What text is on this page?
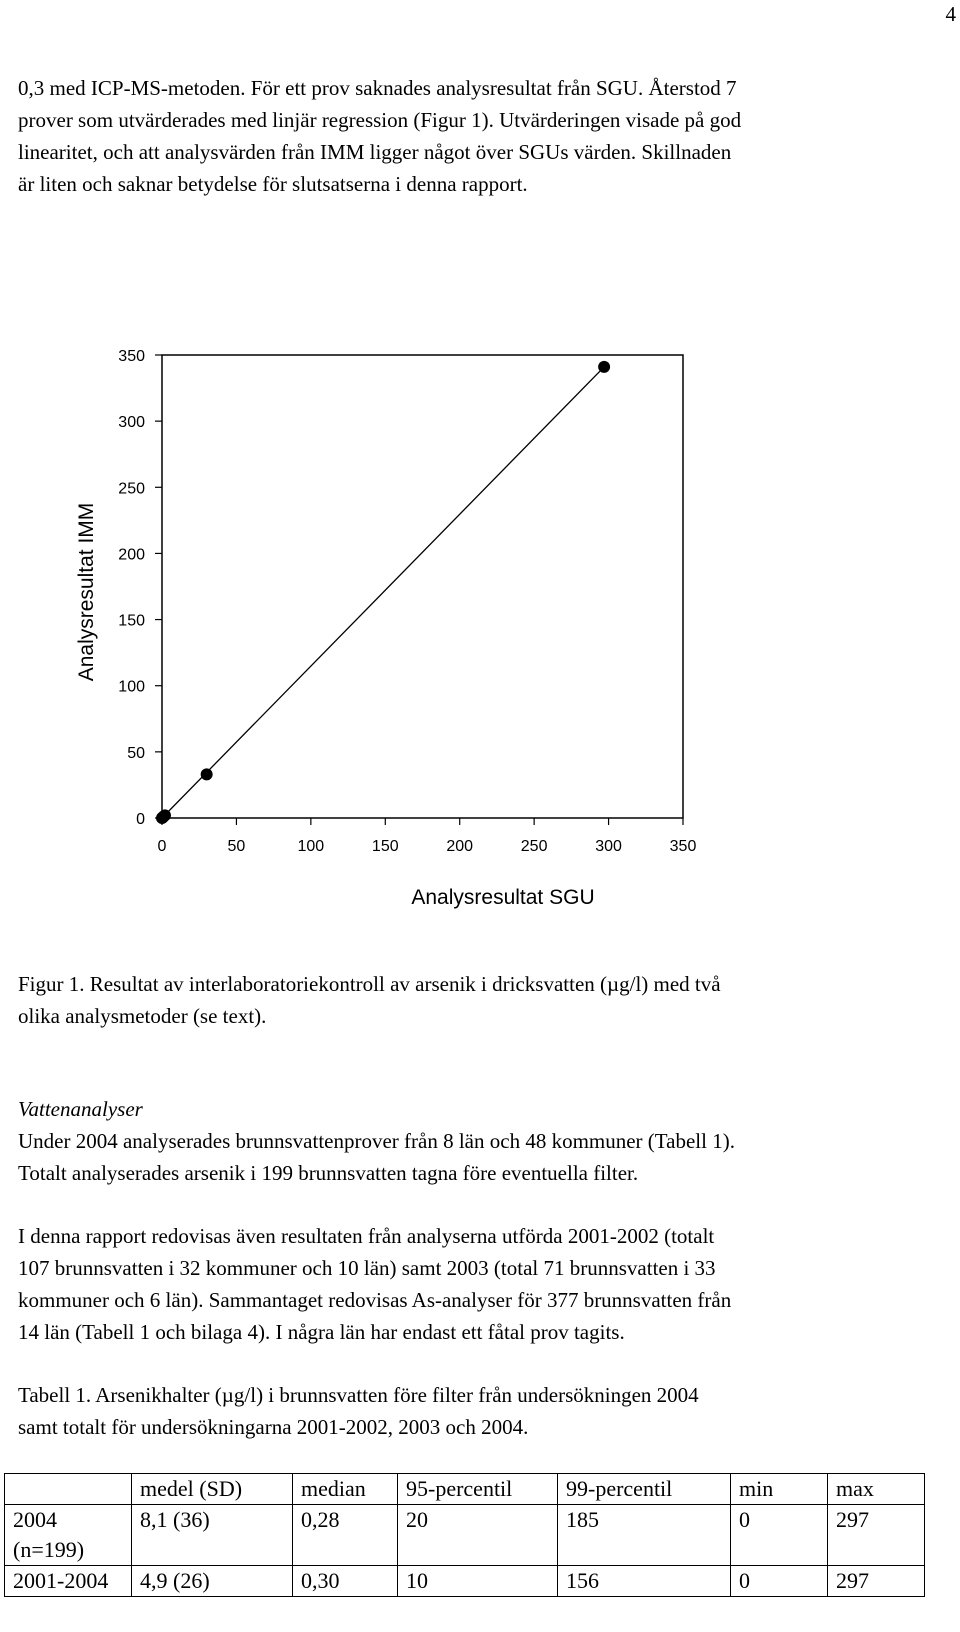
4

0,3 med ICP-MS-metoden. För ett prov saknades analysresultat från SGU. Återstod 7
prover som utvärderades med linjär regression (Figur 1). Utvärderingen visade på god
linearitet, och att analysvärden från IMM ligger något över SGUs värden. Skillnaden
är liten och saknar betydelse för slutsatserna i denna rapport.

0
50
100
150
200
250
300
350
0	50	100	150	200	250	300	350
Analysresultat SGU
Analysresultat IMM

Figur 1. Resultat av interlaboratoriekontroll av arsenik i dricksvatten (µg/l) med två
olika analysmetoder (se text).

Vattenanalyser

Under 2004 analyserades brunnsvattenprover från 8 län och 48 kommuner (Tabell 1).
Totalt analyserades arsenik i 199 brunnsvatten tagna före eventuella filter.

I denna rapport redovisas även resultaten från analyserna utförda 2001-2002 (totalt
107 brunnsvatten i 32 kommuner och 10 län) samt 2003 (total 71 brunnsvatten i 33
kommuner och 6 län). Sammantaget redovisas As-analyser för 377 brunnsvatten från
14 län (Tabell 1 och bilaga 4). I några län har endast ett fåtal prov tagits.

Tabell 1. Arsenikhalter (µg/l) i brunnsvatten före filter från undersökningen 2004
samt totalt för undersökningarna 2001-2002, 2003 och 2004.

	medel (SD)	median	95-percentil	99-percentil	min	max
2004
(n=199)	8,1 (36)	0,28	20	185	0	297
2001-2004	4,9 (26)	0,30	10	156	0	297
